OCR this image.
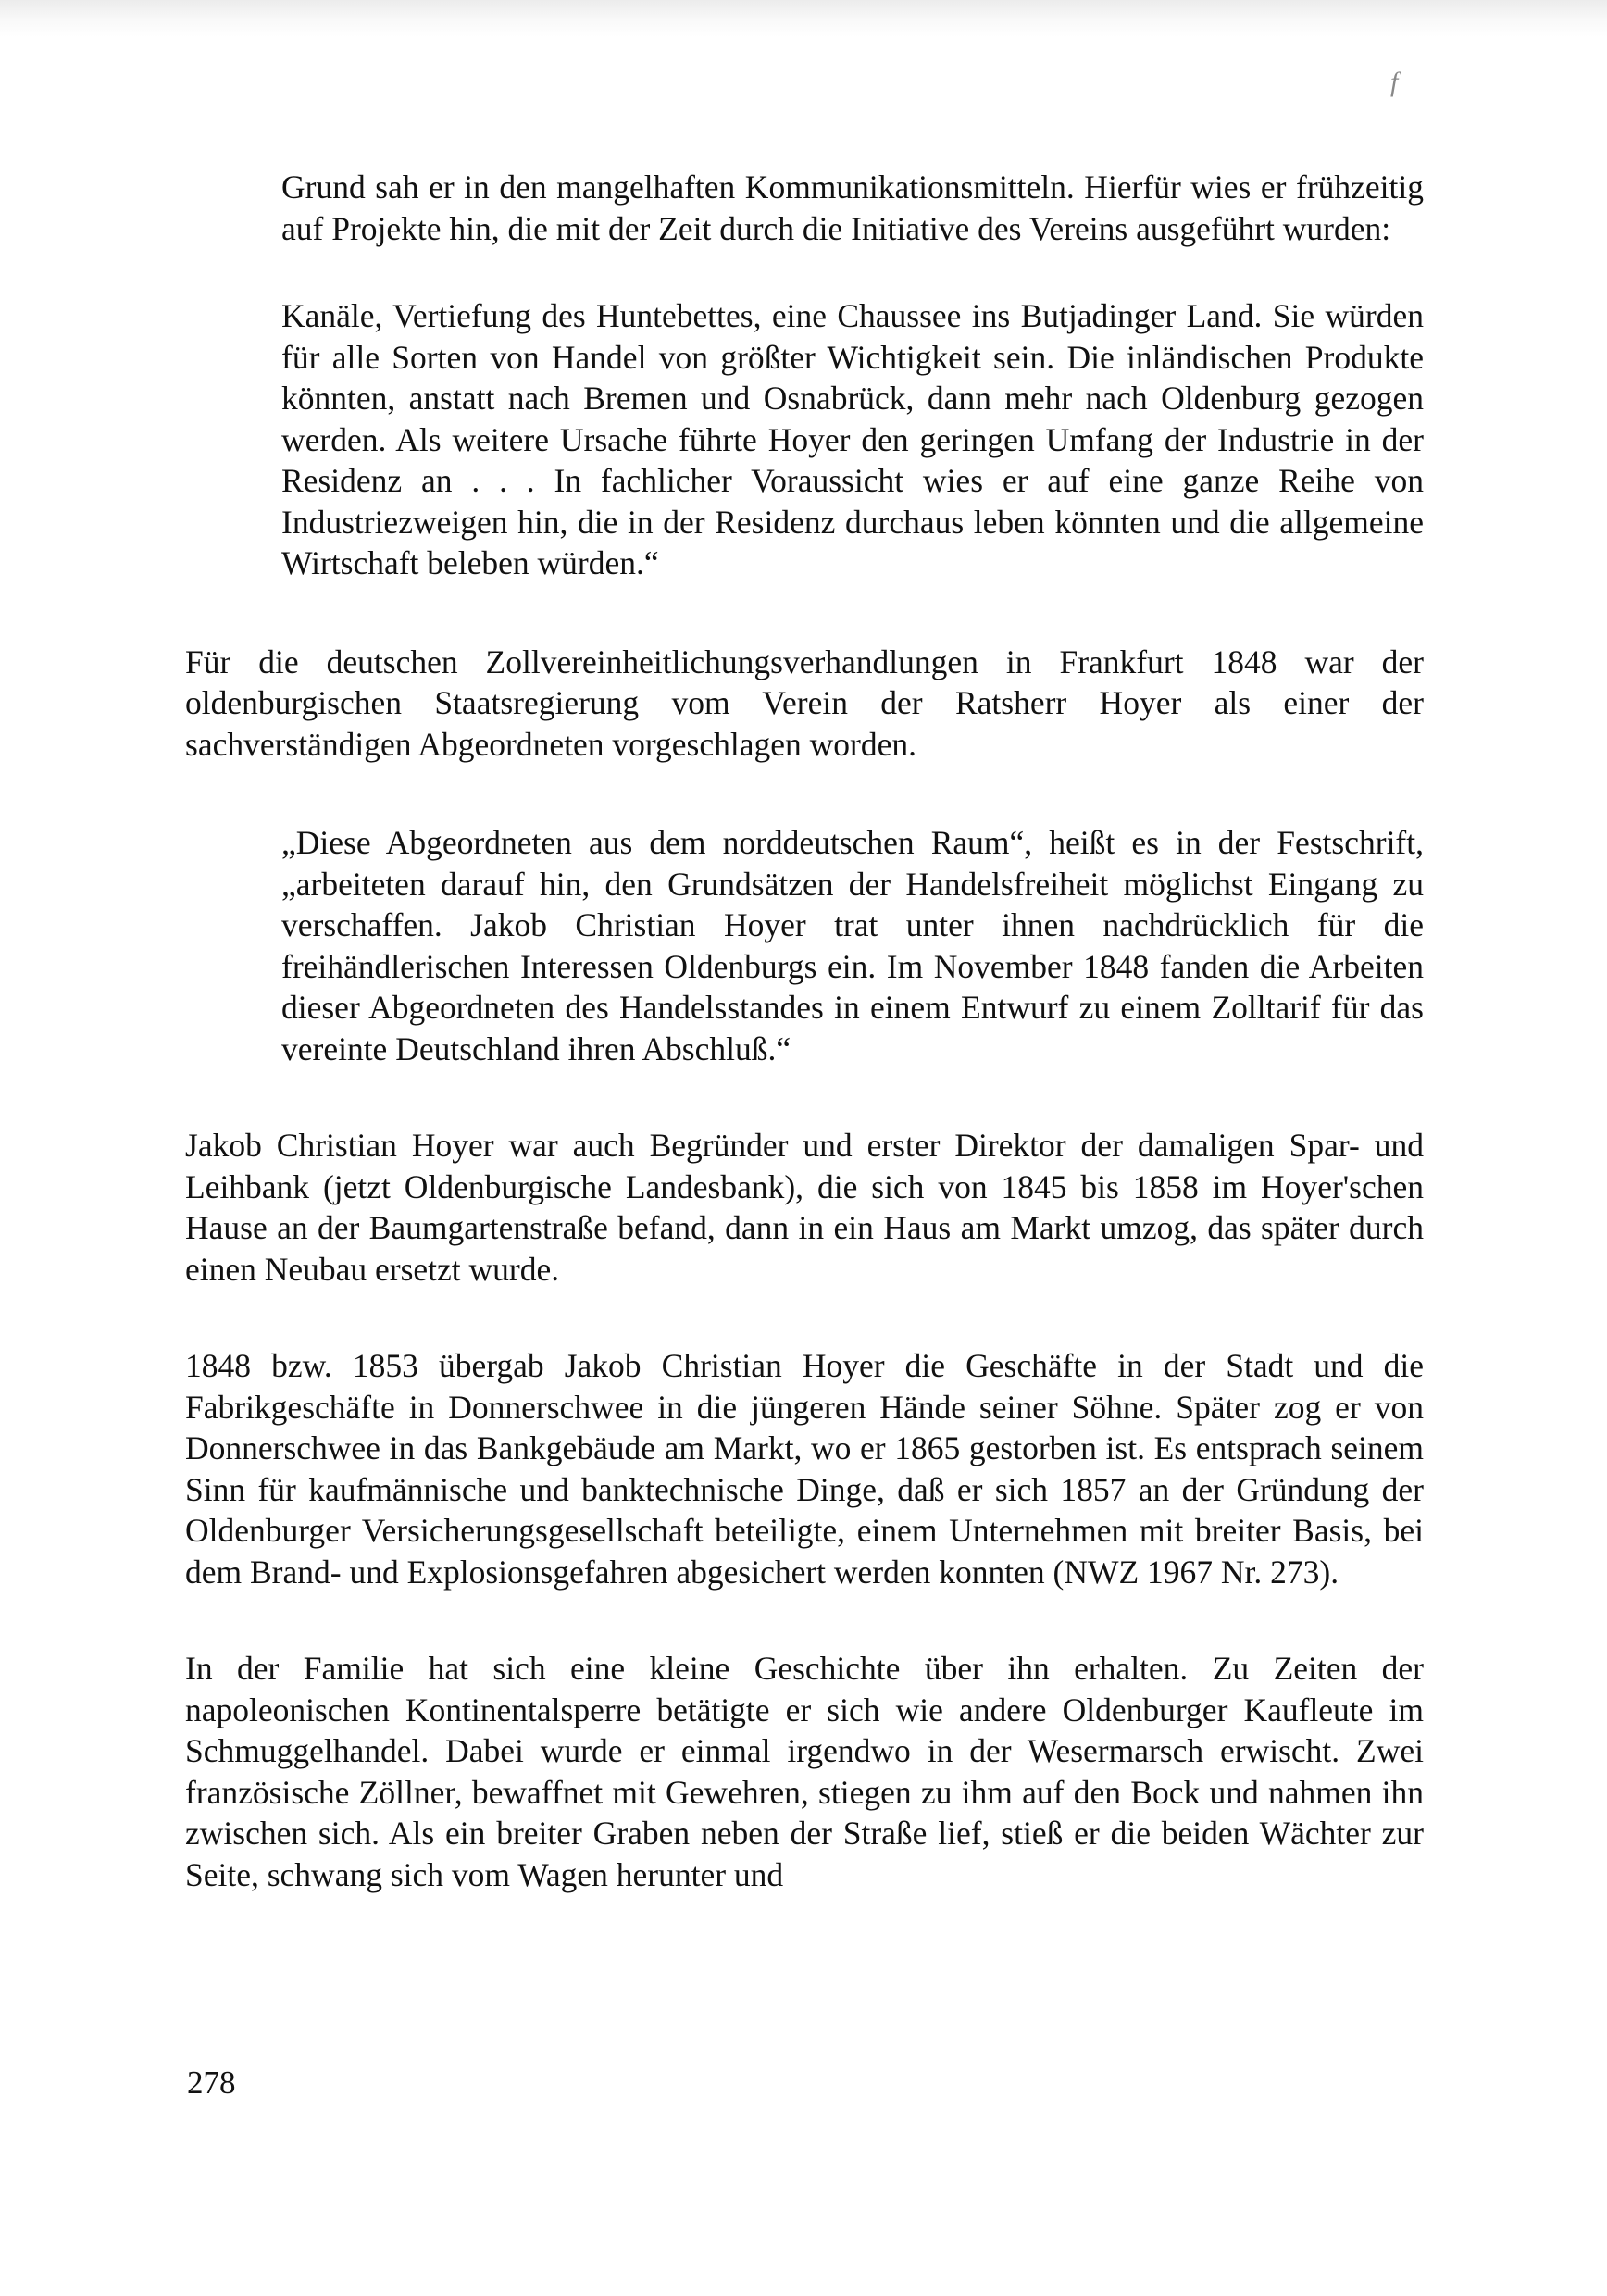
f

Grund sah er in den mangelhaften Kommunikationsmitteln. Hierfür wies er frühzeitig auf Projekte hin, die mit der Zeit durch die Initiative des Vereins ausgeführt wurden:

Kanäle, Vertiefung des Huntebettes, eine Chaussee ins Butjadinger Land. Sie würden für alle Sorten von Handel von größter Wichtigkeit sein. Die inländischen Produkte könnten, anstatt nach Bremen und Osnabrück, dann mehr nach Oldenburg gezogen werden. Als weitere Ursache führte Hoyer den geringen Umfang der Industrie in der Residenz an . . . In fachlicher Voraussicht wies er auf eine ganze Reihe von Industriezweigen hin, die in der Residenz durchaus leben könnten und die allgemeine Wirtschaft beleben würden.“

Für die deutschen Zollvereinheitlichungsverhandlungen in Frankfurt 1848 war der oldenburgischen Staatsregierung vom Verein der Ratsherr Hoyer als einer der sachverständigen Abgeordneten vorgeschlagen worden.

„Diese Abgeordneten aus dem norddeutschen Raum“, heißt es in der Festschrift, „arbeiteten darauf hin, den Grundsätzen der Handelsfreiheit möglichst Eingang zu verschaffen. Jakob Christian Hoyer trat unter ihnen nachdrücklich für die freihändlerischen Interessen Oldenburgs ein. Im November 1848 fanden die Arbeiten dieser Abgeordneten des Handelsstandes in einem Entwurf zu einem Zolltarif für das vereinte Deutschland ihren Abschluß.“

Jakob Christian Hoyer war auch Begründer und erster Direktor der damaligen Spar- und Leihbank (jetzt Oldenburgische Landesbank), die sich von 1845 bis 1858 im Hoyer'schen Hause an der Baumgartenstraße befand, dann in ein Haus am Markt umzog, das später durch einen Neubau ersetzt wurde.

1848 bzw. 1853 übergab Jakob Christian Hoyer die Geschäfte in der Stadt und die Fabrikgeschäfte in Donnerschwee in die jüngeren Hände seiner Söhne. Später zog er von Donnerschwee in das Bankgebäude am Markt, wo er 1865 gestorben ist. Es entsprach seinem Sinn für kaufmännische und banktechnische Dinge, daß er sich 1857 an der Gründung der Oldenburger Versicherungsgesellschaft beteiligte, einem Unternehmen mit breiter Basis, bei dem Brand- und Explosionsgefahren abgesichert werden konnten (NWZ 1967 Nr. 273).

In der Familie hat sich eine kleine Geschichte über ihn erhalten. Zu Zeiten der napoleonischen Kontinentalsperre betätigte er sich wie andere Oldenburger Kaufleute im Schmuggelhandel. Dabei wurde er einmal irgendwo in der Wesermarsch erwischt. Zwei französische Zöllner, bewaffnet mit Gewehren, stiegen zu ihm auf den Bock und nahmen ihn zwischen sich. Als ein breiter Graben neben der Straße lief, stieß er die beiden Wächter zur Seite, schwang sich vom Wagen herunter und

278
